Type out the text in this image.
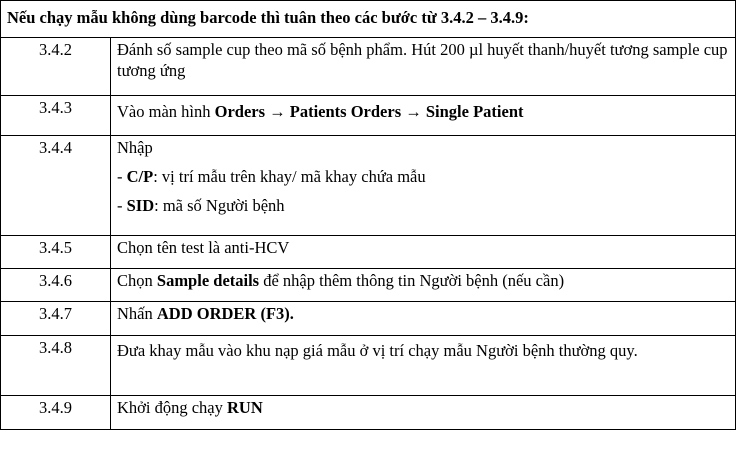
Nếu chạy mẫu không dùng barcode thì tuân theo các bước từ 3.4.2 – 3.4.9:	
3.4.2	Đánh số sample cup theo mã số bệnh phẩm. Hút 200 µl huyết thanh/huyết tương sample cup tương ứng
3.4.3	Vào màn hình Orders → Patients Orders → Single Patient
3.4.4	Nhập

- C/P: vị trí mẫu trên khay/ mã khay chứa mẫu

- SID: mã số Người bệnh

3.4.5	Chọn tên test là anti-HCV
3.4.6	Chọn Sample details để nhập thêm thông tin Người bệnh (nếu cần)
3.4.7	Nhấn ADD ORDER (F3).
3.4.8	Đưa khay mẫu vào khu nạp giá mẫu ở vị trí chạy mẫu Người bệnh thường quy.
3.4.9	Khởi động chạy RUN
